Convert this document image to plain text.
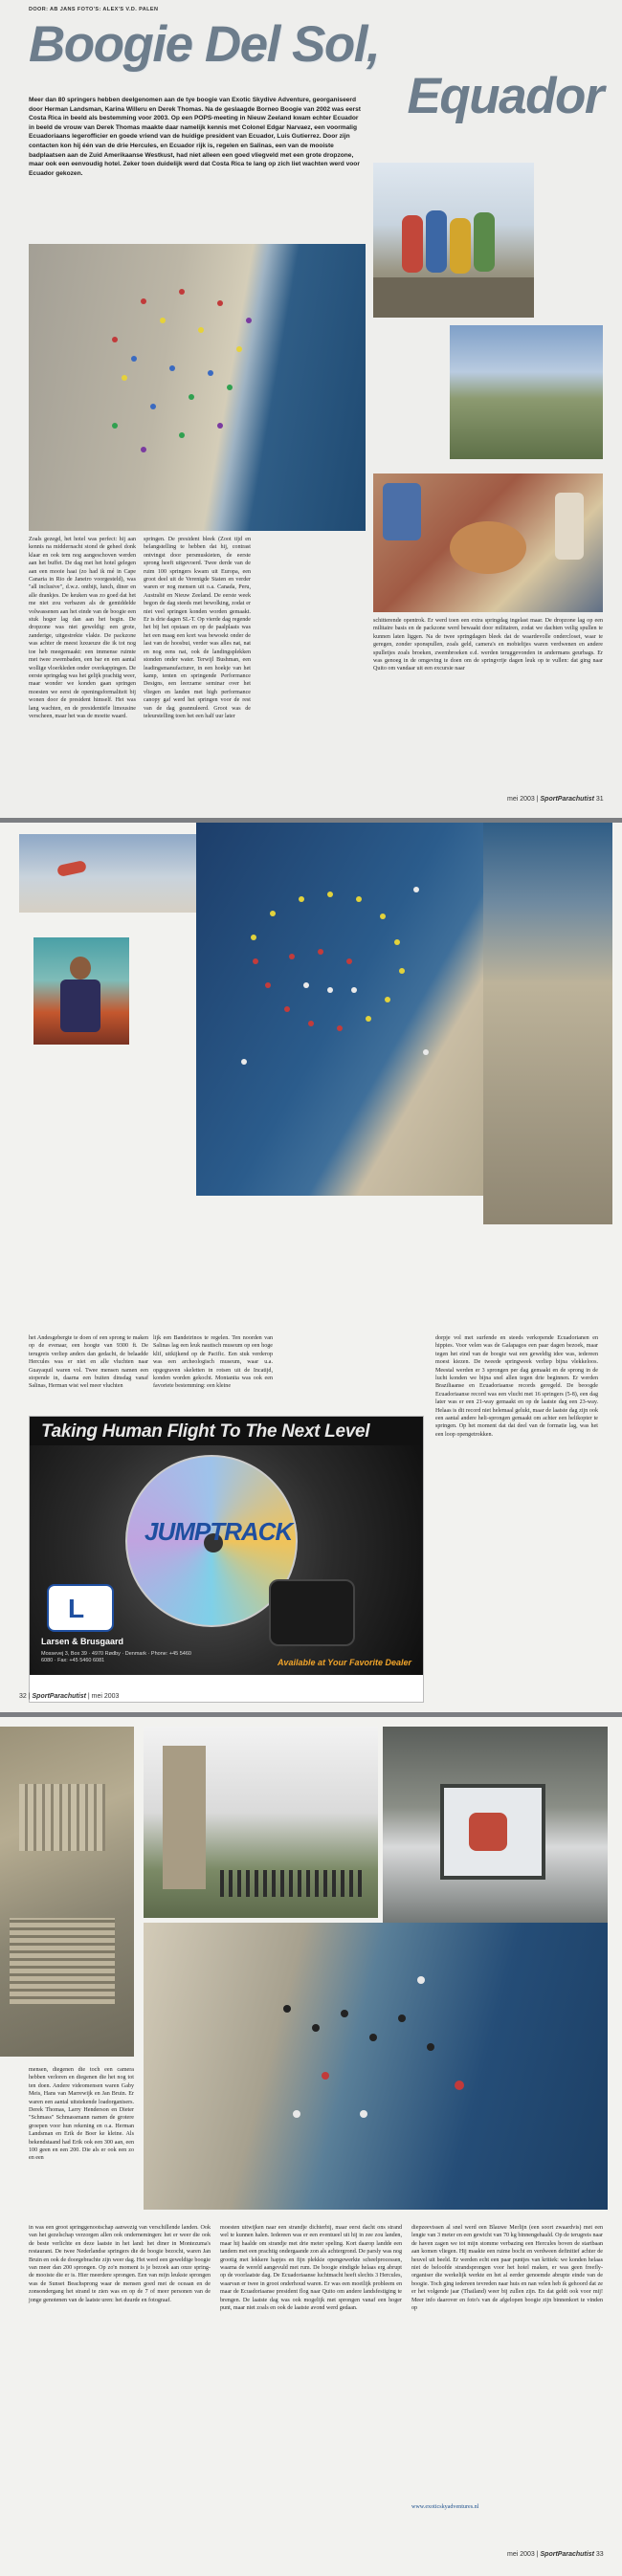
DOOR: AB JANS FOTO'S: ALEX'S V.D. PALEN
Boogie Del Sol,
Equador
Meer dan 80 springers hebben deelgenomen aan de tye boogie van Exotic Skydive Adventure, georganiseerd door Herman Landsman, Karina Willeru en Derek Thomas. Na de geslaagde Borneo Boogie van 2002 was eerst Costa Rica in beeld als bestemming voor 2003. Op een POPS-meeting in Nieuw Zeeland kwam echter Ecuador in beeld de vrouw van Derek Thomas maakte daar namelijk kennis met Colonel Edgar Narvaez, een voormalig Ecuadoriaans legerofficier en goede vriend van de huidige president van Ecuador, Luis Gutierrez. Door zijn contacten kon hij één van de drie Hercules, en Ecuador rijk is, regelen en Salinas, een van de mooiste badplaatsen aan de Zuid Amerikaanse Westkust, had niet alleen een goed vliegveld met een grote dropzone, maar ook een eenvoudig hotel. Zeker toen duidelijk werd dat Costa Rica te lang op zich liet wachten werd voor Ecuador gekozen.
Zoals gezegd, het hotel was perfect: hij aan kennis na middernacht stond de geheel donk klaar en ook tem nog aangeschoven werden aan het buffet. De dag met het hotel gelegen aan een mooie haai (zo had ik mé in Cape Canaria in Rio de Janeiro voorgesteld), was "all inclusive", d.w.z. ontbijt, lunch, diner en alle drankjes. De keuken was zo goed dat het me niet zou verbazen als de gemiddelde volwassenen aan het einde van de boogie een stuk hoger lag dan aan het begin. De dropzone was niet geweldig: een grote, zanderige, uitgestrekte vlakte. De packzone was achter de meest luxueuze die ik tot nog toe heb meegemaakt: een immense ruimte met twee zwembaden, een bar en een aantal wollige vloerkleden onder overkappingen. De eerste springdag was het gelijk prachtig weer, maar wonder we konden gaan springen moesten we eerst de openingsformaliteit bij wonen door de president himself. Het was lang wachten, en de presidentiële limousine verscheen, maar het was de moeite waard.
springen. De president bleek (Zoot tijd en belangstelling te hebben dat hij, contrast ontvingst door persmuskieten, de eerste sprong heeft uitgevoerd. Twee derde van de ruim 100 springers kwam uit Europa, een groot deel uit de Verenigde Staten en verder waren er nog mensen uit o.a. Canada, Peru, Australië en Nieuw Zeeland. De eerste week begon de dag steeds met bewolking, zodat er niet veel springen konden worden gemaakt. Er is drie dagen SL-T. Op vierde dag regende het bij het opstaan en op de paalplaats was het een maag een kort was bewoekt onder de last van de hoosbui, verder was alles nat, nat en nog eens nat, ook de landingsplekken stonden onder water. Terwijl Bushman, een leadingsmanufacturer, in een hoekje van het kamp, tenten en springende Performance Designs, een leerzame seminar over het vliegen en landen met high performance canopy gaf werd het springen voor de rest van de dag geannuleerd. Groot was de teleurstelling toen het een half uur later
schitterende opentrok. Er werd toen een extra springdag ingelast maar. De dropzone lag op een militaire basis en de packzone werd bewaakt door militairen, zodat we dachten veilig spullen te kunnen laten liggen. Na de twee springdagen bleek dat de waardevolle ondercloset, waar te geregen, zonder sponspullen, zoals geld, camera's en mobieltjes waren verdwenen en andere spulletjes zoals broeken, zwembroeken e.d. werden teruggevonden in andermans geurbags. Er was genoeg in de omgeving te doen om de springvrije dagen leuk op te vullen: dat ging naar Quito om vandaar uit een excursie naar
mei 2003 | SportParachutist 31
het Andesgebergte te doen of een sprong te maken op de evenaar, een hoogte van 9300 ft. De terugreis verliep anders dan gedacht, de belaadde Hercules was er niet en alle vluchten naar Guayaquil waren vol. Twee mensen namen een stopende in, daarna een buiten dinsdag vanaf Salinas, Herman wist wel meer vluchten
lijk een Bandeirinos te regelen. Ten noorden van Salinas lag een leuk nautisch museum op een hoge klif, uitkijkend op de Pacific. Een stuk verderop was een archeologisch museum, waar u.a. opgegraven skeletten in rotsen uit de Incatijd, konden worden gekocht. Montanita was ook een favoriete bestemming: een kleine
dorpje vol met surfende en steeds verkopende Ecuadorianen en hippies. Voor velen was de Galapagos een paar dagen bezoek, maar tegen het eind van de boogie wat een geweldig idee was, iedereen moest kiezen. De tweede springweek verliep bijna vlekkeloos. Meestal werden er 3 sprongen per dag gemaakt en de sprong in de lucht konden we bijna snel allen tegen drie beginnen. Er werden Braziliaanse en Ecuadoriaanse records geregeld. De beoogde Ecuadoriaanse record was een vlucht met 16 springers (5-8), een dag later was er een 21-way gemaakt en op de laatste dag een 23-way. Helaas is dit record niet helemaal gelukt, maar de laatste dag zijn ook een aantal andere heli-sprongen gemaakt om achter een helikopter te springen. Op het moment dat dat deel van de formatie lag, was het een loop opengetrokken.
Taking Human Flight To The Next Level
JUMPTRACK
L
Larsen & Brusgaard
Mossevej 3, Box 39 · 4970 Rødby · Denmark · Phone: +45 5460 6080 · Fax: +45 5460 6081	Available at Your Favorite Dealer
32 | SportParachutist | mei 2003
mensen, diegenen die toch een camera hebben verloren en diegenen die het nog tot ten doen. Andere videomensen waren Gaby Meis, Hans van Marrewijk en Jan Bruin. Er waren een aantal uitstekende loadorganisers. Derek Thomas, Larry Henderson en Dieter "Schmass" Schmassmann namen de grotere groepen voor hun rekening en o.a. Herman Landsman en Erik de Boer ke kleine. Als bekendstaand had Erik ook een 300 aan, een 100 geen en een 200. Die als er ook een zo en een
in was een groot springgenootschap aanwezig van verschillende landen. Ook van het gezelschap verzorgen allen ook ondernemingen: het er weer die ook de beste verlichte en deze laatste in het land: het diner in Montezuma's restaurant. De twee Nederlandse springers die de boogie bezocht, waren Jan Bruin en ook de doorgebrachte zijn weer dag. Het werd een geweldige boogie van meer dan 200 sprongen. Op zo'n moment is je bezoek aan onze spring- de mooiste die er is. Hier meerdere sprongen. Een van mijn leukste sprongen was de Sunset Beachsprong waar de mensen goed met de oceaan en de zonsondergang het strand te zien was en op de 7 of meer personen van de jonge genotenen van de laatste uren: het duurde en fotograaf.
moesten uitwijken naar een strandje dichterbij, maar eerst dacht ons strand wel te kunnen halen. Iedereen was er een eventueel uit hij in zee zou landen, maar hij haalde om strandje met drie meter speling. Kort daarop landde een tandem met een prachtig ondergaande zon als achtergrond. De parsly was nog grootig met lekkere hapjes en fijn plekkie opengewerkte scheelprocessen, waarna de wereld aangevuld met rum. De boogie eindigde helaas erg abrupt op de voorlaatste dag. De Ecuadoriaanse luchtmacht heeft slechts 3 Hercules, waarvan er twee in groot onderhoud waren. Er was een moeilijk probleem en maar de Ecuadoriaanse president flog naar Quito om andere landsfestiging te brengen. De laatste dag was ook mogelijk met sprongen vanaf een hoger punt, maar niet zoals en ook de laatste avond werd gedaan.
diepzeevissen al snel werd een Blauwe Merlijn (een soort zwaardvis) met een lengte van 3 meter en een gewicht van 70 kg binnengehaald. Op de terugreis naar de haven zagen we tot mijn stomme verbazing een Hercules boven de startbaan aan komen vliegen. Hij maakte een ruime bocht en verdween definitief achter de heuvel uit beeld. Er werden echt een paar puntjes van kritiek: we konden helaas niet de beloofde strandsprongen voor het hotel maken, er was geen freefly-organiser die werkelijk werkte en het al eerder genoemde abrupte einde van de boogie. Toch ging iedereen tevreden naar huis en nan velen heb ik gehoord dat ze er het volgende jaar (Thailand) weer bij zullen zijn. En dat geldt ook voor mij! Meer info daarover en foto's van de afgelopen boogie zijn binnenkort te vinden op
www.exoticskyadventures.nl
mei 2003 | SportParachutist 33
